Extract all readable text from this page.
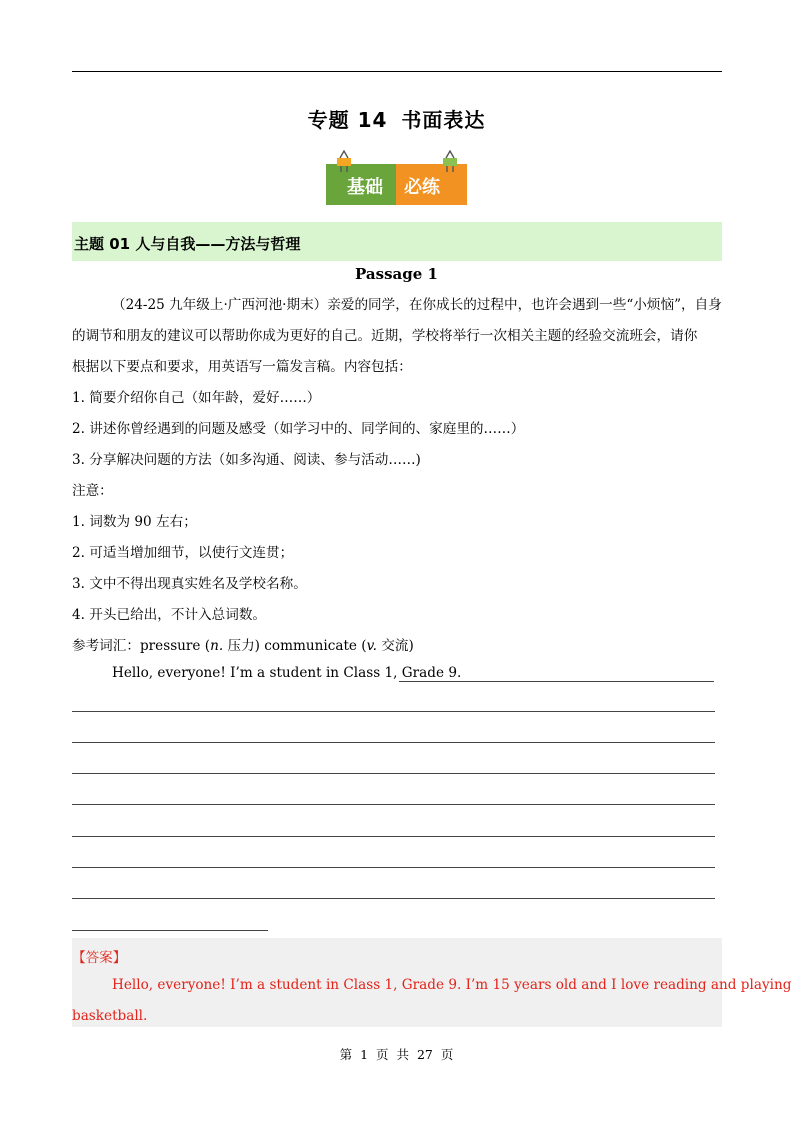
专题 14 书面表达
基础 必练
主题 01 人与自我——方法与哲理
Passage 1
（24-25 九年级上·广西河池·期末）亲爱的同学，在你成长的过程中，也许会遇到一些“小烦恼”，自身
的调节和朋友的建议可以帮助你成为更好的自己。近期，学校将举行一次相关主题的经验交流班会，请你
根据以下要点和要求，用英语写一篇发言稿。内容包括：
1. 简要介绍你自己（如年龄，爱好……）
2. 讲述你曾经遇到的问题及感受（如学习中的、同学间的、家庭里的……）
3. 分享解决问题的方法（如多沟通、阅读、参与活动……)
注意：
1. 词数为 90 左右；
2. 可适当增加细节，以使行文连贯；
3. 文中不得出现真实姓名及学校名称。
4. 开头已给出，不计入总词数。
参考词汇：pressure (n. 压力) communicate (v. 交流)
Hello, everyone! I’m a student in Class 1, Grade 9.
【答案】
Hello, everyone! I’m a student in Class 1, Grade 9. I’m 15 years old and I love reading and playing
basketball.
第 1 页 共 27 页
